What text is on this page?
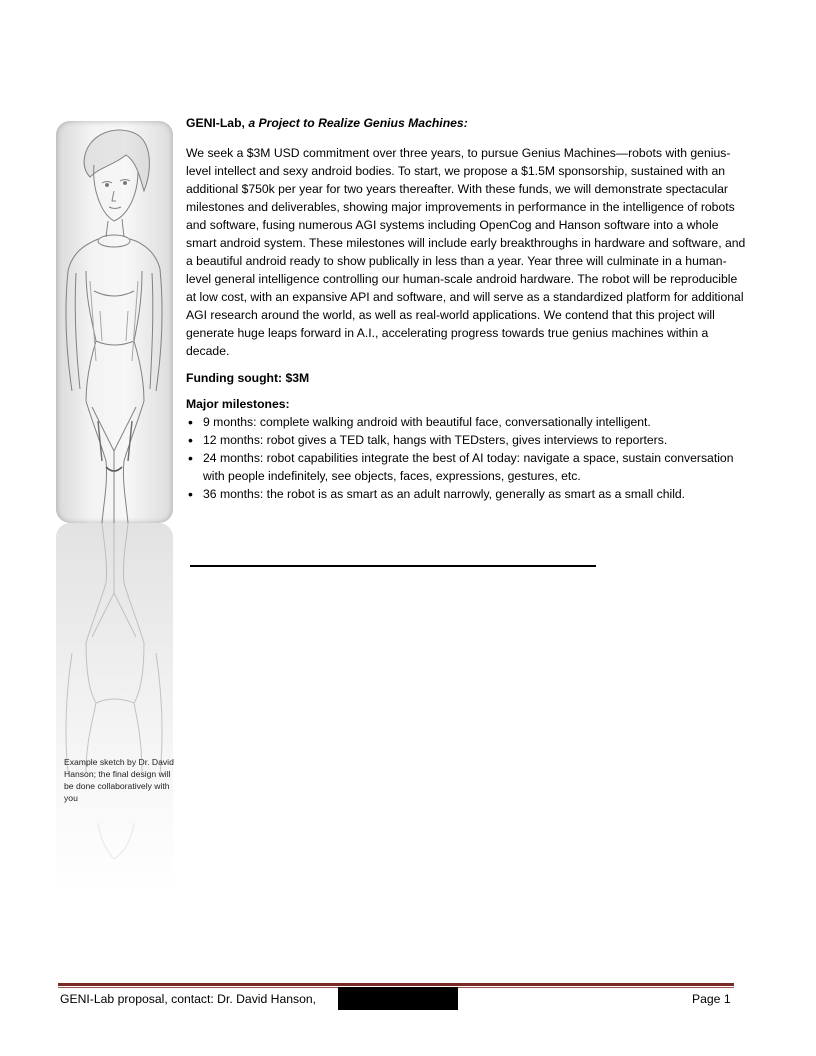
Example sketch by Dr. David Hanson; the final design will be done collaboratively with you

GENI-Lab, a Project to Realize Genius Machines:

We seek a $3M USD commitment over three years, to pursue Genius Machines—robots with genius-level intellect and sexy android bodies. To start, we propose a $1.5M sponsorship, sustained with an additional $750k per year for two years thereafter. With these funds, we will demonstrate spectacular milestones and deliverables, showing major improvements in performance in the intelligence of robots and software, fusing numerous AGI systems including OpenCog and Hanson software into a whole smart android system. These milestones will include early breakthroughs in hardware and software, and a beautiful android ready to show publically in less than a year. Year three will culminate in a human-level general intelligence controlling our human-scale android hardware. The robot will be reproducible at low cost, with an expansive API and software, and will serve as a standardized platform for additional AGI research around the world, as well as real-world applications. We contend that this project will generate huge leaps forward in A.I., accelerating progress towards true genius machines within a decade.

Funding sought: $3M

Major milestones:

• 9 months: complete walking android with beautiful face, conversationally intelligent.
• 12 months: robot gives a TED talk, hangs with TEDsters, gives interviews to reporters.
• 24 months: robot capabilities integrate the best of AI today: navigate a space, sustain conversation with people indefinitely, see objects, faces, expressions, gestures, etc.
• 36 months: the robot is as smart as an adult narrowly, generally as smart as a small child.
GENI-Lab proposal, contact: Dr. David Hanson,	Page 1
